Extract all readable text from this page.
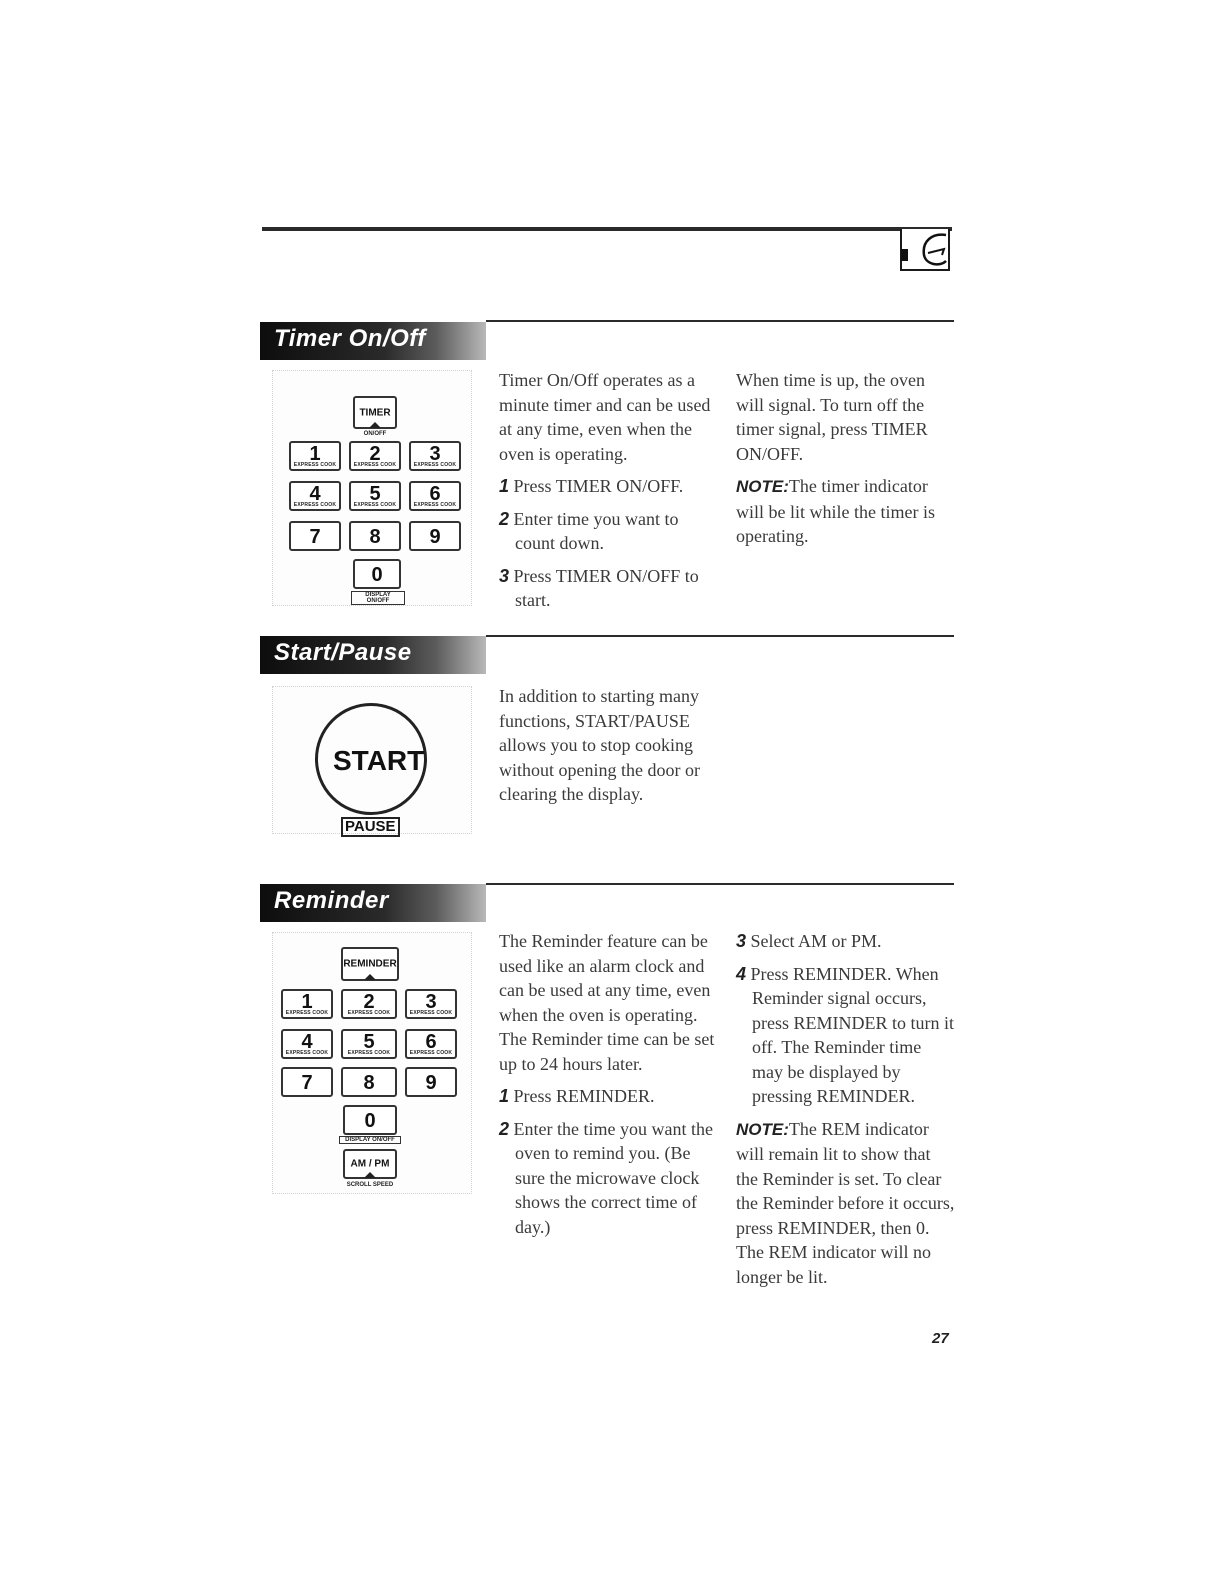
Timer On/Off
TIMER
ON/OFF
1
EXPRESS COOK	2
EXPRESS COOK	3
EXPRESS COOK
4
EXPRESS COOK	5
EXPRESS COOK	6
EXPRESS COOK
7	8	9
0
DISPLAY ON/OFF

Timer On/Off operates as a minute timer and can be used at any time, even when the oven is operating.

1 Press TIMER ON/OFF.

2 Enter time you want to count down.

3 Press TIMER ON/OFF to start.

When time is up, the oven will signal. To turn off the timer signal, press TIMER ON/OFF.

NOTE:The timer indicator will be lit while the timer is operating.

Start/Pause
START
PAUSE
In addition to starting many functions, START/PAUSE allows you to stop cooking without opening the door or clearing the display.
Reminder
REMINDER
1
EXPRESS COOK	2
EXPRESS COOK	3
EXPRESS COOK
4
EXPRESS COOK	5
EXPRESS COOK	6
EXPRESS COOK
7	8	9
0
DISPLAY ON/OFF
AM / PM
SCROLL SPEED

The Reminder feature can be used like an alarm clock and can be used at any time, even when the oven is operating. The Reminder time can be set up to 24 hours later.

1 Press REMINDER.

2 Enter the time you want the oven to remind you. (Be sure the microwave clock shows the correct time of day.)

3 Select AM or PM.

4 Press REMINDER. When Reminder signal occurs, press REMINDER to turn it off. The Reminder time may be displayed by pressing REMINDER.

NOTE:The REM indicator will remain lit to show that the Reminder is set. To clear the Reminder before it occurs, press REMINDER, then 0. The REM indicator will no longer be lit.

27
